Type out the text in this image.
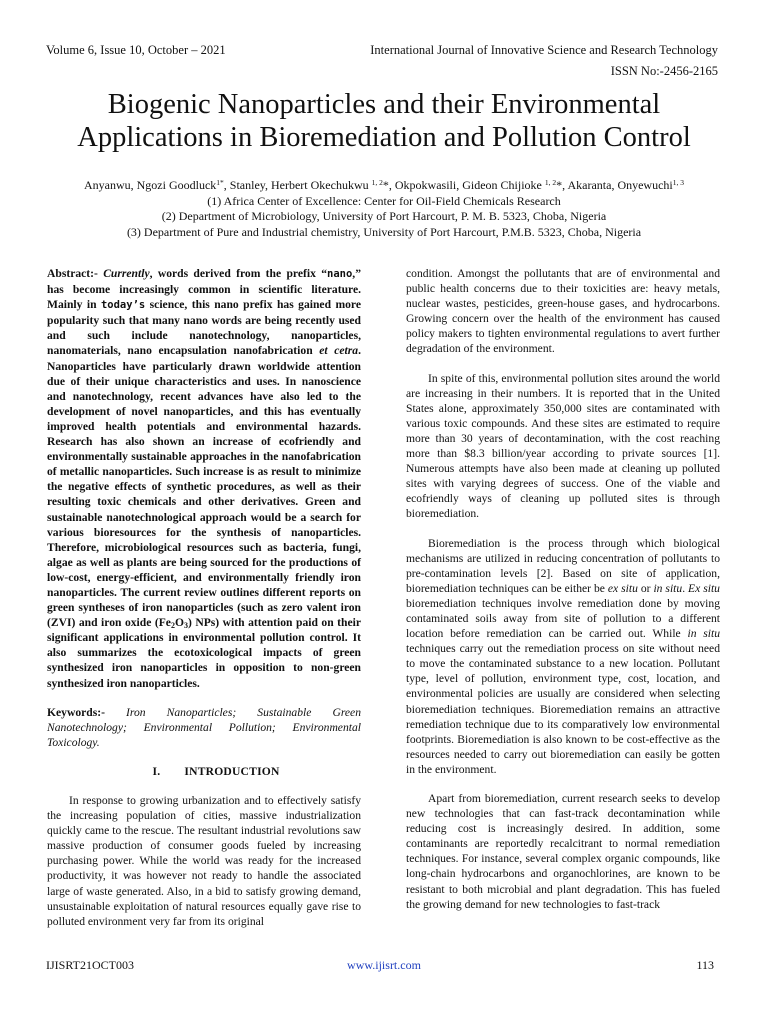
Volume 6, Issue 10, October – 2021	International Journal of Innovative Science and Research Technology
ISSN No:-2456-2165
Biogenic Nanoparticles and their Environmental
Applications in Bioremediation and Pollution Control
Anyanwu, Ngozi Goodluck$^{1*}$, Stanley, Herbert Okechukwu $^{1, 2}$*, Okpokwasili, Gideon Chijioke $^{1, 2}$*, Akaranta, Onyewuchi$^{1, 3}$
(1) Africa Center of Excellence: Center for Oil-Field Chemicals Research
(2) Department of Microbiology, University of Port Harcourt, P. M. B. 5323, Choba, Nigeria
(3) Department of Pure and Industrial chemistry, University of Port Harcourt, P.M.B. 5323, Choba, Nigeria

Abstract:- Currently, words derived from the prefix “nano,” has become increasingly common in scientific literature. Mainly in today’s science, this nano prefix has gained more popularity such that many nano words are being recently used and such include nanotechnology, nanoparticles, nanomaterials, nano encapsulation nanofabrication et cetra. Nanoparticles have particularly drawn worldwide attention due of their unique characteristics and uses. In nanoscience and nanotechnology, recent advances have also led to the development of novel nanoparticles, and this has eventually improved health potentials and environmental hazards. Research has also shown an increase of ecofriendly and environmentally sustainable approaches in the nanofabrication of metallic nanoparticles. Such increase is as result to minimize the negative effects of synthetic procedures, as well as their resulting toxic chemicals and other derivatives. Green and sustainable nanotechnological approach would be a search for various bioresources for the synthesis of nanoparticles. Therefore, microbiological resources such as bacteria, fungi, algae as well as plants are being sourced for the productions of low-cost, energy-efficient, and environmentally friendly iron nanoparticles. The current review outlines different reports on green syntheses of iron nanoparticles (such as zero valent iron (ZVI) and iron oxide (Fe2O3) NPs) with attention paid on their significant applications in environmental pollution control. It also summarizes the ecotoxicological impacts of green synthesized iron nanoparticles in opposition to non-green synthesized iron nanoparticles.

Keywords:- Iron Nanoparticles; Sustainable Green Nanotechnology; Environmental Pollution; Environmental Toxicology.

I. INTRODUCTION

In response to growing urbanization and to effectively satisfy the increasing population of cities, massive industrialization quickly came to the rescue. The resultant industrial revolutions saw massive production of consumer goods fueled by increasing purchasing power. While the world was ready for the increased productivity, it was however not ready to handle the associated large of waste generated. Also, in a bid to satisfy growing demand, unsustainable exploitation of natural resources equally gave rise to polluted environment very far from its original

condition. Amongst the pollutants that are of environmental and public health concerns due to their toxicities are: heavy metals, nuclear wastes, pesticides, green-house gases, and hydrocarbons. Growing concern over the health of the environment has caused policy makers to tighten environmental regulations to avert further degradation of the environment.

In spite of this, environmental pollution sites around the world are increasing in their numbers. It is reported that in the United States alone, approximately 350,000 sites are contaminated with various toxic compounds. And these sites are estimated to require more than 30 years of decontamination, with the cost reaching more than $8.3 billion/year according to private sources [1]. Numerous attempts have also been made at cleaning up polluted sites with varying degrees of success. One of the viable and ecofriendly ways of cleaning up polluted sites is through bioremediation.

Bioremediation is the process through which biological mechanisms are utilized in reducing concentration of pollutants to pre-contamination levels [2]. Based on site of application, bioremediation techniques can be either be ex situ or in situ. Ex situ bioremediation techniques involve remediation done by moving contaminated soils away from site of pollution to a different location before remediation can be carried out. While in situ techniques carry out the remediation process on site without need to move the contaminated substance to a new location. Pollutant type, level of pollution, environment type, cost, location, and environmental policies are usually are considered when selecting bioremediation techniques. Bioremediation remains an attractive remediation technique due to its comparatively low environmental footprints. Bioremediation is also known to be cost-effective as the resources needed to carry out bioremediation can easily be gotten in the environment.

Apart from bioremediation, current research seeks to develop new technologies that can fast-track decontamination while reducing cost is increasingly desired. In addition, some contaminants are reportedly recalcitrant to normal remediation techniques. For instance, several complex organic compounds, like long-chain hydrocarbons and organochlorines, are known to be resistant to both microbial and plant degradation. This has fueled the growing demand for new technologies to fast-track

IJISRT21OCT003	www.ijisrt.com	113
